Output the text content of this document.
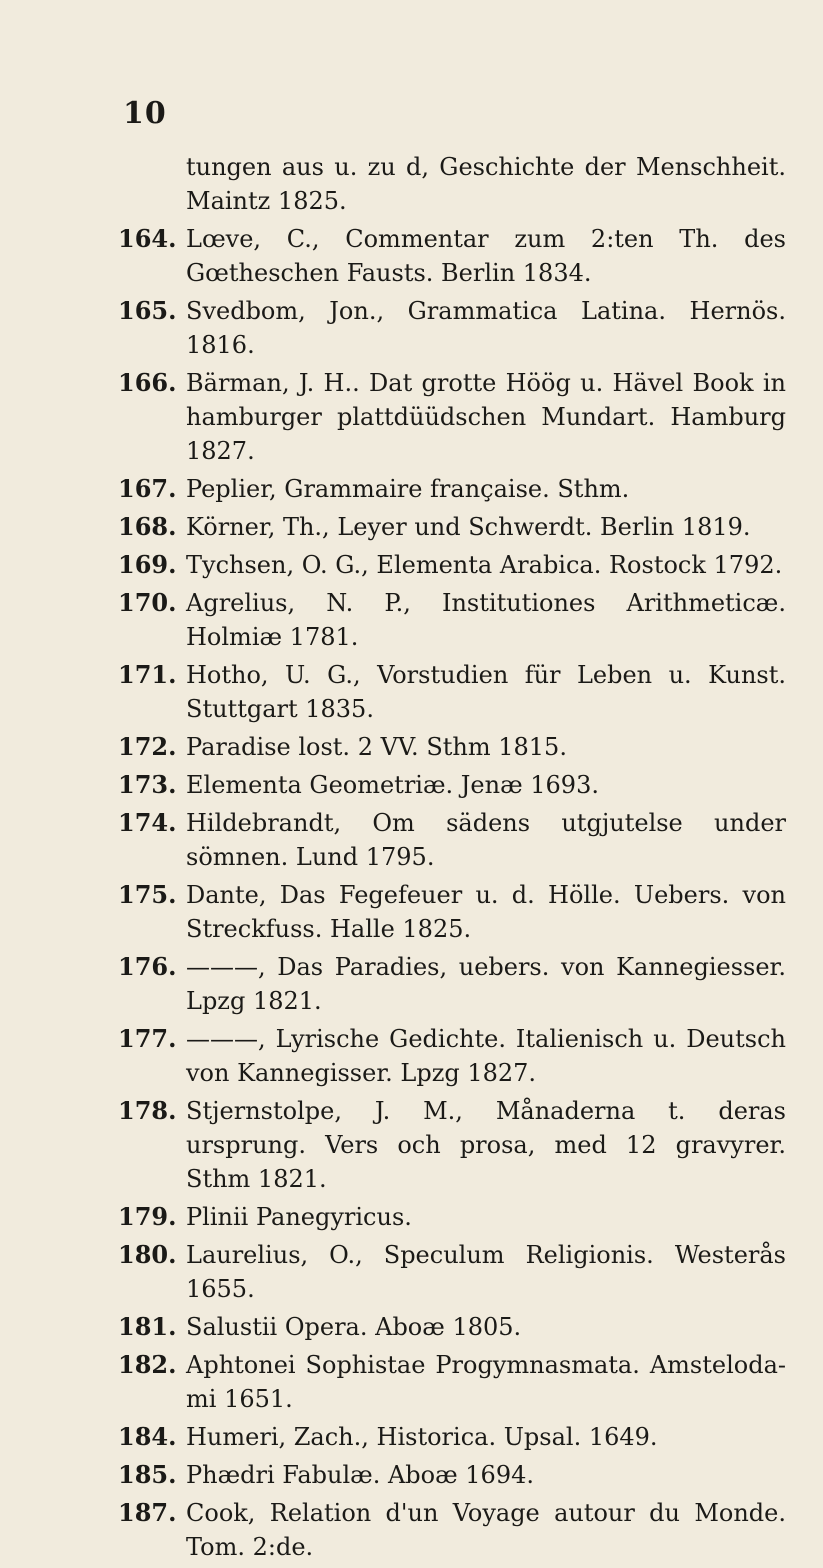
10

tungen aus u. zu d, Geschichte der Menschheit. Maintz 1825.

164. Lœve, C., Commentar zum 2:ten Th. des Gœtheschen Fausts. Berlin 1834.

165. Svedbom, Jon., Grammatica Latina. Hernös. 1816.

166. Bärman, J. H.. Dat grotte Höög u. Hävel Book in hamburger plattdüüdschen Mundart. Hamburg 1827.

167. Peplier, Grammaire française. Sthm.

168. Körner, Th., Leyer und Schwerdt. Berlin 1819.

169. Tychsen, O. G., Elementa Arabica. Rostock 1792.

170. Agrelius, N. P., Institutiones Arithmeticæ. Holmiæ 1781.

171. Hotho, U. G., Vorstudien für Leben u. Kunst. Stuttgart 1835.

172. Paradise lost. 2 VV. Sthm 1815.

173. Elementa Geometriæ. Jenæ 1693.

174. Hildebrandt, Om sädens utgjutelse under sömnen. Lund 1795.

175. Dante, Das Fegefeuer u. d. Hölle. Uebers. von Streckfuss. Halle 1825.

176. ———, Das Paradies, uebers. von Kannegiesser. Lpzg 1821.

177. ———, Lyrische Gedichte. Italienisch u. Deutsch von Kannegisser. Lpzg 1827.

178. Stjernstolpe, J. M., Månaderna t. deras ursprung. Vers och prosa, med 12 gravyrer. Sthm 1821.

179. Plinii Panegyricus.

180. Laurelius, O., Speculum Religionis. Westerås 1655.

181. Salustii Opera. Aboæ 1805.

182. Aphtonei Sophistae Progymnasmata. Amsteloda-mi 1651.

184. Humeri, Zach., Historica. Upsal. 1649.

185. Phædri Fabulæ. Aboæ 1694.

187. Cook, Relation d'un Voyage autour du Monde. Tom. 2:de.
